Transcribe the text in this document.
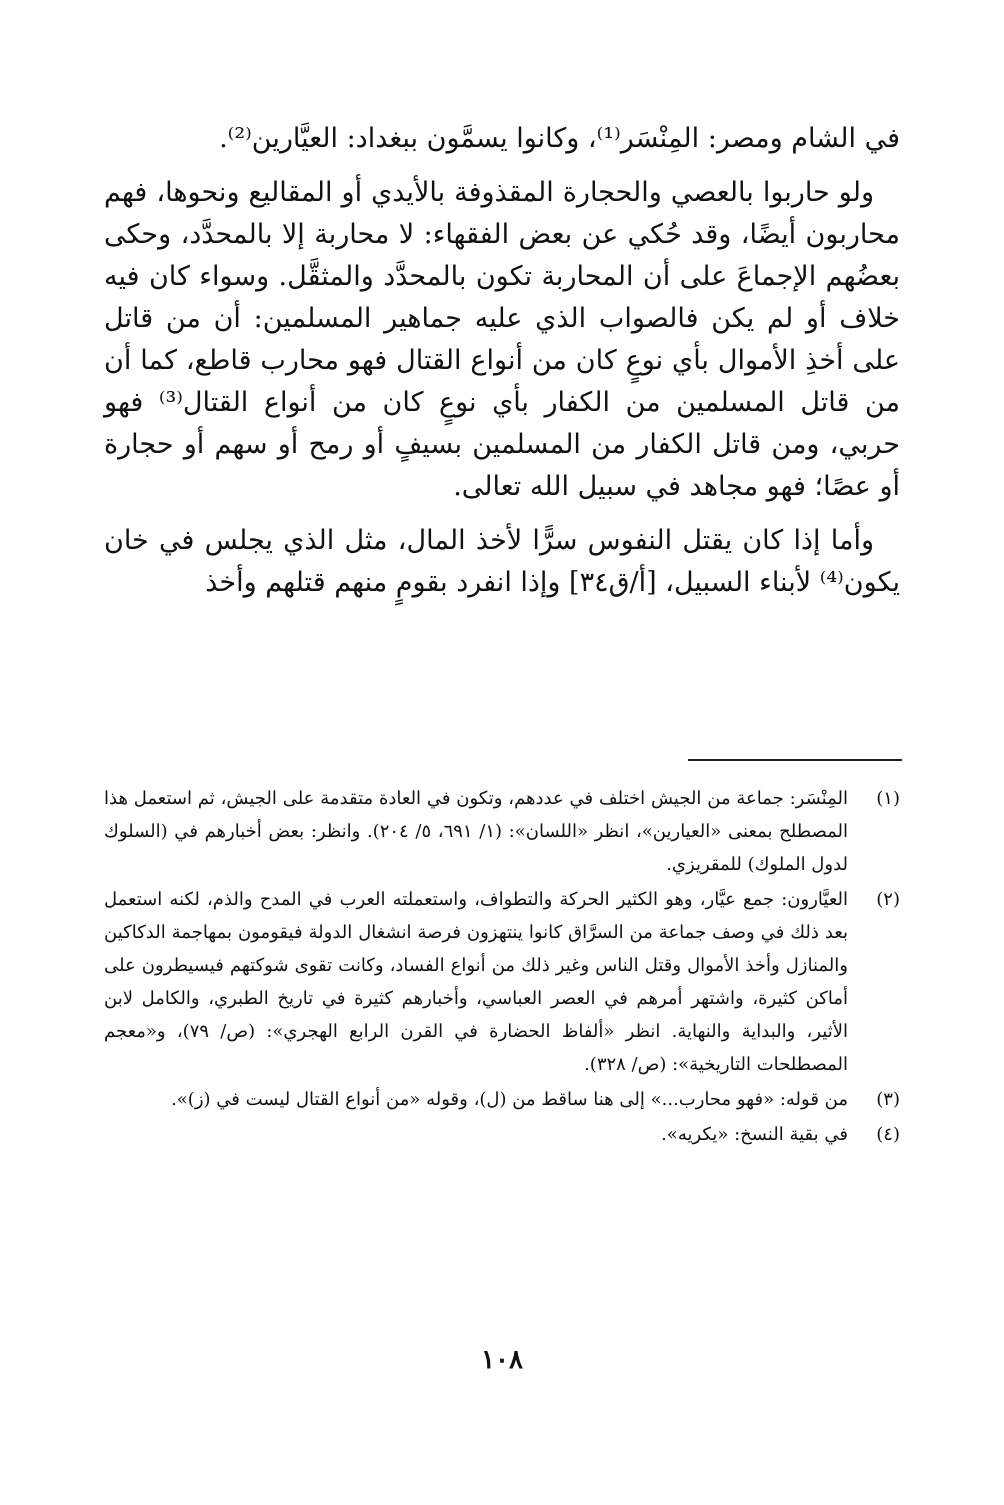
في الشام ومصر: المِنْسَر⁽¹⁾، وكانوا يسمَّون ببغداد: العيَّارين⁽²⁾.

ولو حاربوا بالعصي والحجارة المقذوفة بالأيدي أو المقاليع ونحوها، فهم محاربون أيضًا، وقد حُكي عن بعض الفقهاء: لا محاربة إلا بالمحدَّد، وحكى بعضُهم الإجماعَ على أن المحاربة تكون بالمحدَّد والمثقَّل. وسواء كان فيه خلاف أو لم يكن فالصواب الذي عليه جماهير المسلمين: أن من قاتل على أخذِ الأموال بأي نوعٍ كان من أنواع القتال فهو محارب قاطع، كما أن من قاتل المسلمين من الكفار بأي نوعٍ كان من أنواع القتال⁽³⁾ فهو حربي، ومن قاتل الكفار من المسلمين بسيفٍ أو رمح أو سهم أو حجارة أو عصًا؛ فهو مجاهد في سبيل الله تعالى.

وأما إذا كان يقتل النفوس سرًّا لأخذ المال، مثل الذي يجلس في خان يكون⁽⁴⁾ لأبناء السبيل، [أ/ق٣٤] وإذا انفرد بقومٍ منهم قتلهم وأخذ

(١)
المِنْسَر: جماعة من الجيش اختلف في عددهم، وتكون في العادة متقدمة على الجيش، ثم استعمل هذا المصطلح بمعنى «العيارين»، انظر «اللسان»: (١/ ٦٩١، ٥/ ٢٠٤). وانظر: بعض أخبارهم في (السلوك لدول الملوك) للمقريزي.
(٢)
العيَّارون: جمع عيَّار، وهو الكثير الحركة والتطواف، واستعملته العرب في المدح والذم، لكنه استعمل بعد ذلك في وصف جماعة من السرَّاق كانوا ينتهزون فرصة انشغال الدولة فيقومون بمهاجمة الدكاكين والمنازل وأخذ الأموال وقتل الناس وغير ذلك من أنواع الفساد، وكانت تقوى شوكتهم فيسيطرون على أماكن كثيرة، واشتهر أمرهم في العصر العباسي، وأخبارهم كثيرة في تاريخ الطبري، والكامل لابن الأثير، والبداية والنهاية. انظر «ألفاظ الحضارة في القرن الرابع الهجري»: (ص/ ٧٩)، و«معجم المصطلحات التاريخية»: (ص/ ٣٢٨).
(٣)
من قوله: «فهو محارب...» إلى هنا ساقط من (ل)، وقوله «من أنواع القتال ليست في (ز)».
(٤)
في بقية النسخ: «يكريه».
١٠٨
